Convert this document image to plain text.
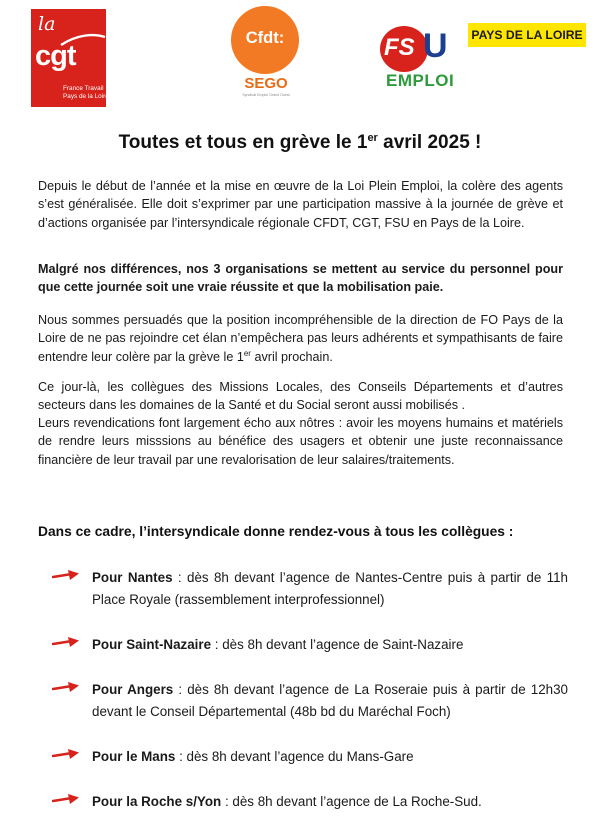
la
cgt
France Travail
Pays de la Loire
Cfdt:
SEGO
Syndicat Emploi Grand Ouest
FS U
EMPLOI
PAYS DE LA LOIRE
Toutes et tous en grève le 1er avril 2025 !
Depuis le début de l’année et la mise en œuvre de la Loi Plein Emploi, la colère des agents s’est généralisée. Elle doit s’exprimer par une participation massive à la journée de grève et d’actions organisée par l’intersyndicale régionale CFDT, CGT, FSU en Pays de la Loire.
Malgré nos différences, nos 3 organisations se mettent au service du personnel pour que cette journée soit une vraie réussite et que la mobilisation paie.
Nous sommes persuadés que la position incompréhensible de la direction de FO Pays de la Loire de ne pas rejoindre cet élan n’empêchera pas leurs adhérents et sympathisants de faire entendre leur colère par la grève le 1er avril prochain.
Ce jour-là, les collègues des Missions Locales, des Conseils Départements et d’autres secteurs dans les domaines de la Santé et du Social seront aussi mobilisés .
Leurs revendications font largement écho aux nôtres : avoir les moyens humains et matériels de rendre leurs misssions au bénéfice des usagers et obtenir une juste reconnaissance financière de leur travail par une revalorisation de leur salaires/traitements.
Dans ce cadre, l’intersyndicale donne rendez-vous à tous les collègues :
Pour Nantes : dès 8h devant l’agence de Nantes-Centre puis à partir de 11h Place Royale (rassemblement interprofessionnel)
Pour Saint-Nazaire : dès 8h devant l’agence de Saint-Nazaire
Pour Angers : dès 8h devant l’agence de La Roseraie puis à partir de 12h30 devant le Conseil Départemental (48b bd du Maréchal Foch)
Pour le Mans : dès 8h devant l’agence du Mans-Gare
Pour la Roche s/Yon : dès 8h devant l’agence de La Roche-Sud.
